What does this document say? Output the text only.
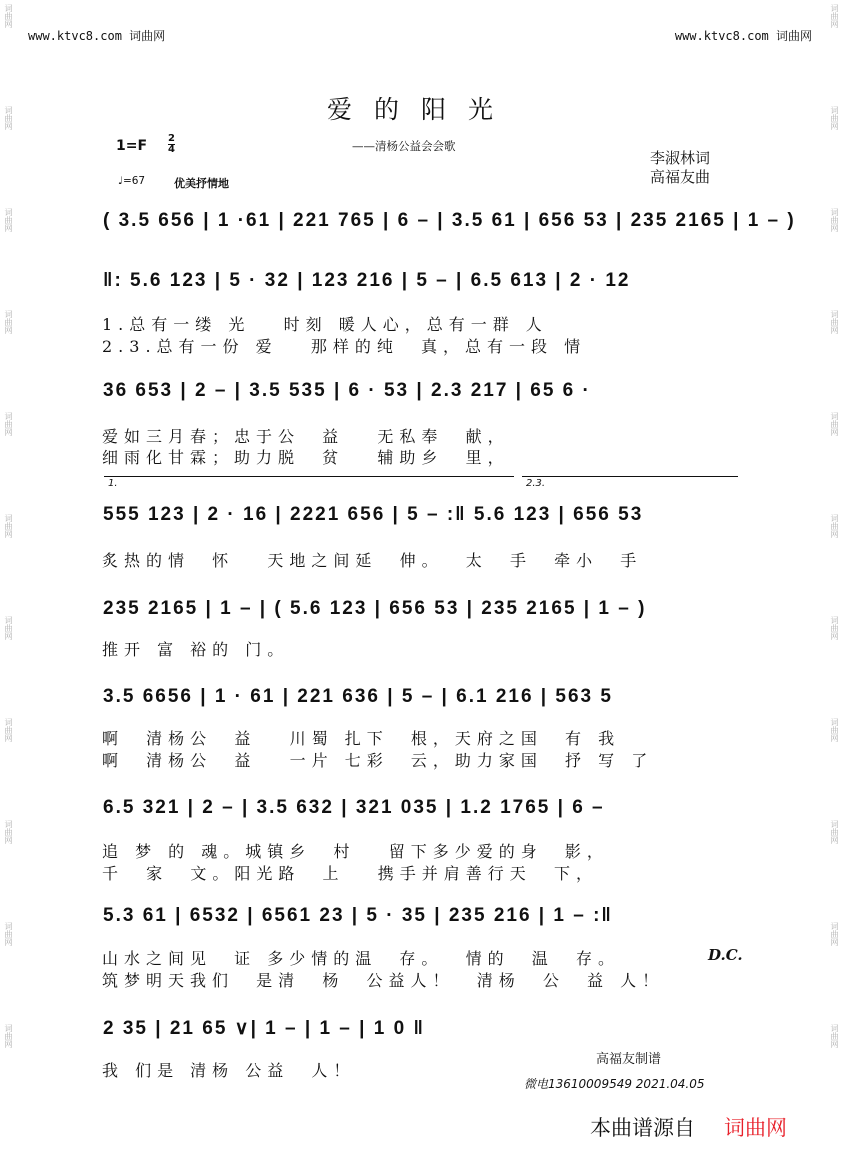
词曲网
词曲网
词曲网
词曲网
词曲网
词曲网
词曲网
词曲网
词曲网
词曲网
词曲网
词曲网
词曲网
词曲网
词曲网
词曲网
词曲网
词曲网
词曲网
词曲网
词曲网
词曲网
www.ktvc8.com 词曲网	www.ktvc8.com 词曲网
爱的阳光
——清杨公益会会歌
1=F 2
4
♩=67	优美抒情地
李淑林词
高福友曲
( 3.5 656 | 1 ·61 | 221 765 | 6 – | 3.5 61 | 656 53 | 235 2165 | 1 – )
‖: 5.6 123 | 5 · 32 | 123 216 | 5 – | 6.5 613 | 2 · 12
1.总有一缕 光   时刻 暖人心，总有一群 人
2.3.总有一份 爱   那样的纯  真，总有一段 情
36 653 | 2 – | 3.5 535 | 6 · 53 | 2.3 217 | 65 6 ·
爱如三月春；忠于公  益   无私奉  献，
细雨化甘霖；助力脱  贫   辅助乡  里，
1.	2.3.
555 123 | 2 · 16 | 2221 656 | 5 – :‖ 5.6 123 | 656 53
炙热的情  怀   天地之间延  伸。  太  手  牵小  手
235 2165 | 1 – | ( 5.6 123 | 656 53 | 235 2165 | 1 – )
推开 富 裕的 门。
3.5 6656 | 1 · 61 | 221 636 | 5 – | 6.1 216 | 563 5
啊  清杨公  益   川蜀 扎下  根，天府之国  有 我
啊  清杨公  益   一片 七彩  云，助力家国  抒 写 了
6.5 321 | 2 – | 3.5 632 | 321 035 | 1.2 1765 | 6 –
追 梦 的 魂。城镇乡  村   留下多少爱的身  影，
千  家  文。阳光路  上   携手并肩善行天  下，
5.3 61 | 6532 | 6561 23 | 5 · 35 | 235 216 | 1 – :‖
山水之间见  证 多少情的温  存。  情的  温  存。	D.C.
筑梦明天我们  是清  杨  公益人！  清杨  公  益 人！
2 35 | 21 65 ∨| 1 – | 1 – | 1 0 ‖
我 们是 清杨 公益  人！
高福友制谱
微电13610009549 2021.04.05
本曲谱源自 词曲网
